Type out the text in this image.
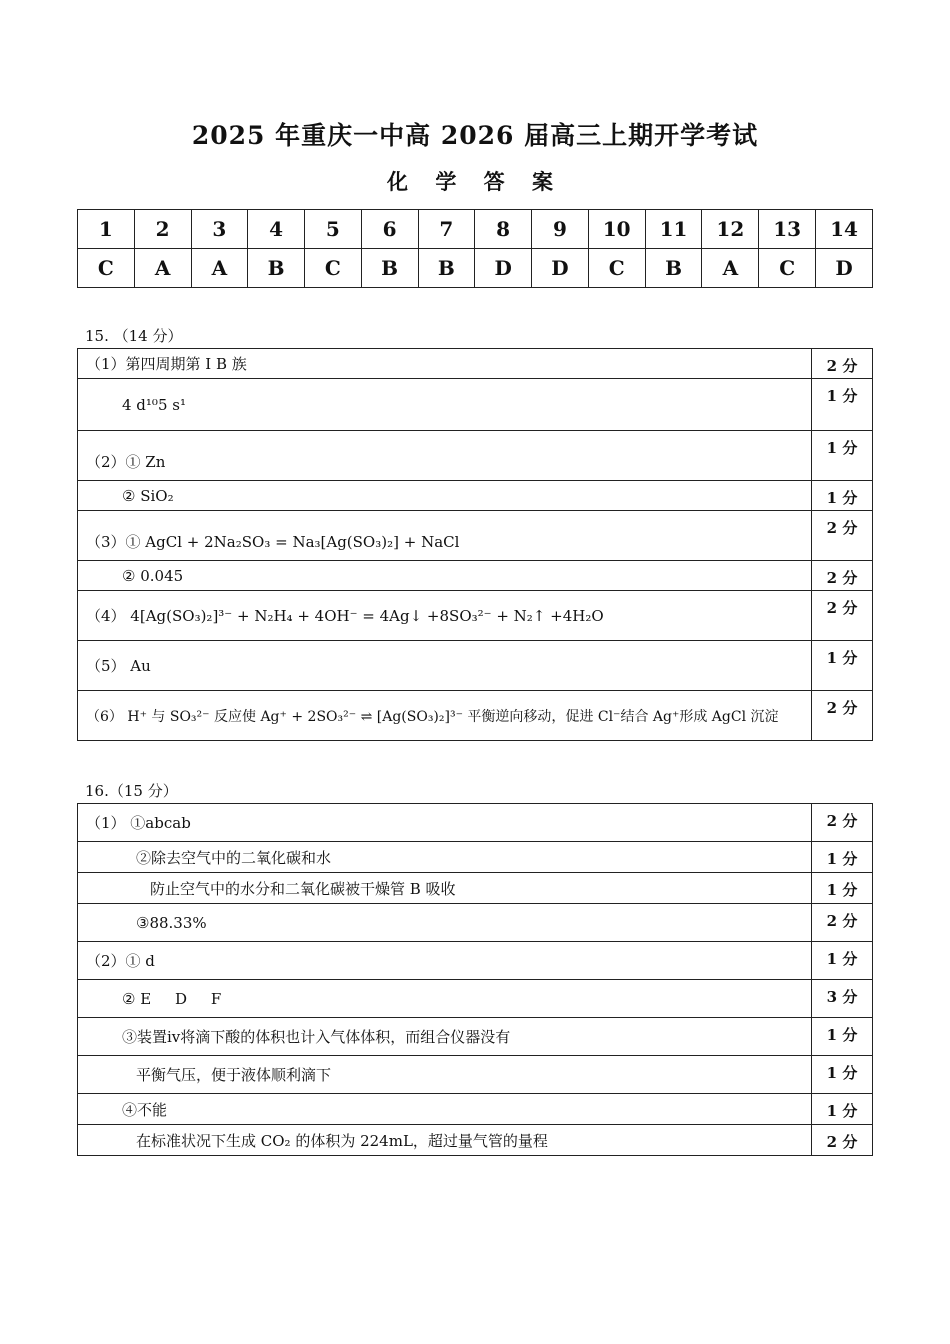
2025 年重庆一中高 2026 届高三上期开学考试
化 学 答 案
1	2	3	4	5	6	7	8	9	10	11	12	13	14
C	A	A	B	C	B	B	D	D	C	B	A	C	D
15. （14 分）
（1）第四周期第 I B 族	2 分
4 d¹⁰5 s¹	1 分
（2）① Zn	1 分
② SiO₂	1 分
（3）① AgCl + 2Na₂SO₃ = Na₃[Ag(SO₃)₂] + NaCl	2 分
② 0.045	2 分
（4） 4[Ag(SO₃)₂]³⁻ + N₂H₄ + 4OH⁻ = 4Ag↓ +8SO₃²⁻ + N₂↑ +4H₂O	2 分
（5） Au	1 分
（6） H⁺ 与 SO₃²⁻ 反应使 Ag⁺ + 2SO₃²⁻ ⇌ [Ag(SO₃)₂]³⁻ 平衡逆向移动，促进 Cl⁻结合 Ag⁺形成 AgCl 沉淀	2 分
16.（15 分）
（1） ①abcab	2 分
②除去空气中的二氧化碳和水	1 分
防止空气中的水分和二氧化碳被干燥管 B 吸收	1 分
③88.33%	2 分
（2）① d	1 分
② E     D     F	3 分
③装置iv将滴下酸的体积也计入气体体积，而组合仪器没有	1 分
平衡气压，便于液体顺利滴下	1 分
④不能	1 分
在标准状况下生成 CO₂ 的体积为 224mL，超过量气管的量程	2 分
